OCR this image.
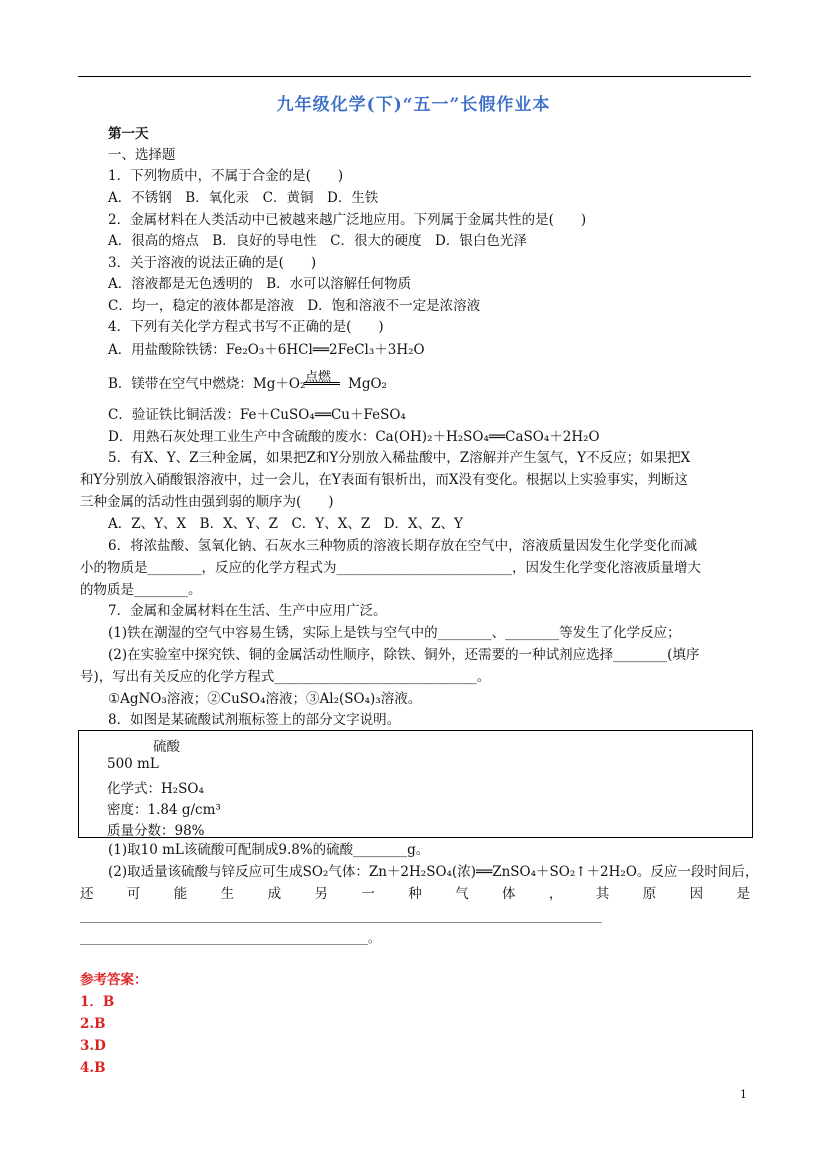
九年级化学(下)“五一”长假作业本
第一天
一、选择题
1．下列物质中，不属于合金的是(　　)
A．不锈钢　B．氧化汞　C．黄铜　D．生铁
2．金属材料在人类活动中已被越来越广泛地应用。下列属于金属共性的是(　　)
A．很高的熔点　B．良好的导电性　C．很大的硬度　D．银白色光泽
3．关于溶液的说法正确的是(　　)
A．溶液都是无色透明的　B．水可以溶解任何物质
C．均一，稳定的液体都是溶液　D．饱和溶液不一定是浓溶液
4．下列有关化学方程式书写不正确的是(　　)
A．用盐酸除铁锈：Fe₂O₃＋6HCl══2FeCl₃＋3H₂O
B．镁带在空气中燃烧：Mg＋O₂ 点燃 MgO₂
C．验证铁比铜活泼：Fe＋CuSO₄══Cu＋FeSO₄
D．用熟石灰处理工业生产中含硫酸的废水：Ca(OH)₂＋H₂SO₄══CaSO₄＋2H₂O
5．有X、Y、Z三种金属，如果把Z和Y分别放入稀盐酸中，Z溶解并产生氢气，Y不反应；如果把X
和Y分别放入硝酸银溶液中，过一会儿，在Y表面有银析出，而X没有变化。根据以上实验事实，判断这
三种金属的活动性由强到弱的顺序为(　　)
A．Z、Y、X　B．X、Y、Z　C．Y、X、Z　D．X、Z、Y
6．将浓盐酸、氢氧化钠、石灰水三种物质的溶液长期存放在空气中，溶液质量因发生化学变化而减
小的物质是________，反应的化学方程式为__________________________，因发生化学变化溶液质量增大
的物质是________。
7．金属和金属材料在生活、生产中应用广泛。
(1)铁在潮湿的空气中容易生锈，实际上是铁与空气中的________、________等发生了化学反应；
(2)在实验室中探究铁、铜的金属活动性顺序，除铁、铜外，还需要的一种试剂应选择________(填序
号)，写出有关反应的化学方程式______________________________。
①AgNO₃溶液；②CuSO₄溶液；③Al₂(SO₄)₃溶液。
8．如图是某硫酸试剂瓶标签上的部分文字说明。
硫酸
500 mL
化学式：H₂SO₄
密度：1.84 g/cm³
质量分数：98%
(1)取10 mL该硫酸可配制成9.8%的硫酸________g。
(2)取适量该硫酸与锌反应可生成SO₂气体：Zn＋2H₂SO₄(浓)══ZnSO₄＋SO₂↑＋2H₂O。反应一段时间后，
还 可 能 生 成 另 一 种 气 体 ， 其 原 因 是
_______________________________________________________________________________________
________________________________________________。
参考答案：
1．B
2.B
3.D
4.B
1
